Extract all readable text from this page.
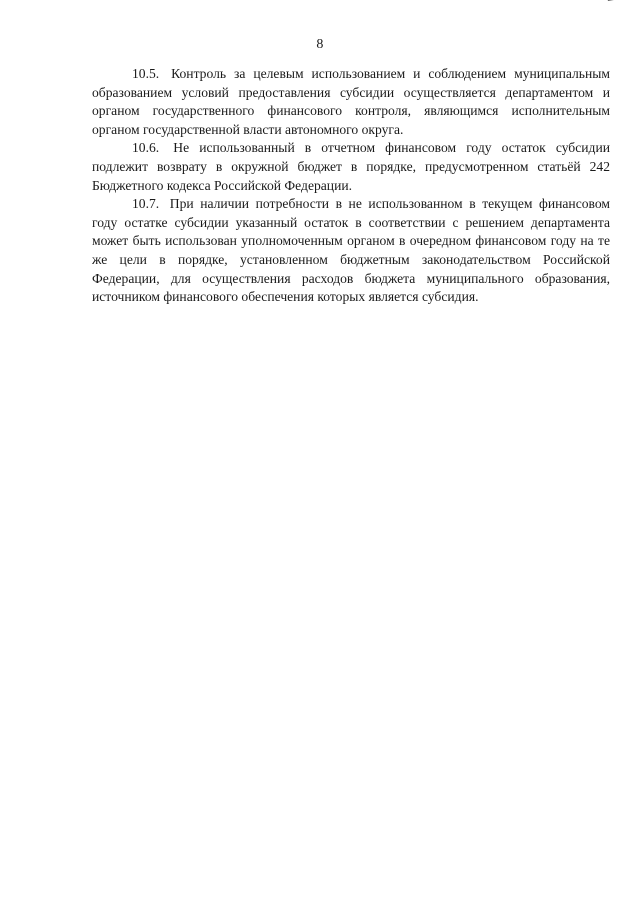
8

10.5. Контроль за целевым использованием и соблюдением муниципальным образованием условий предоставления субсидии осуществляется департаментом и органом государственного финансового контроля, являющимся исполнительным органом государственной власти автономного округа.

10.6. Не использованный в отчетном финансовом году остаток субсидии подлежит возврату в окружной бюджет в порядке, предусмотренном статьёй 242 Бюджетного кодекса Российской Федерации.

10.7. При наличии потребности в не использованном в текущем финансовом году остатке субсидии указанный остаток в соответствии с решением департамента может быть использован уполномоченным органом в очередном финансовом году на те же цели в порядке, установленном бюджетным законодательством Российской Федерации, для осуществления расходов бюджета муниципального образования, источником финансового обеспечения которых является субсидия.
